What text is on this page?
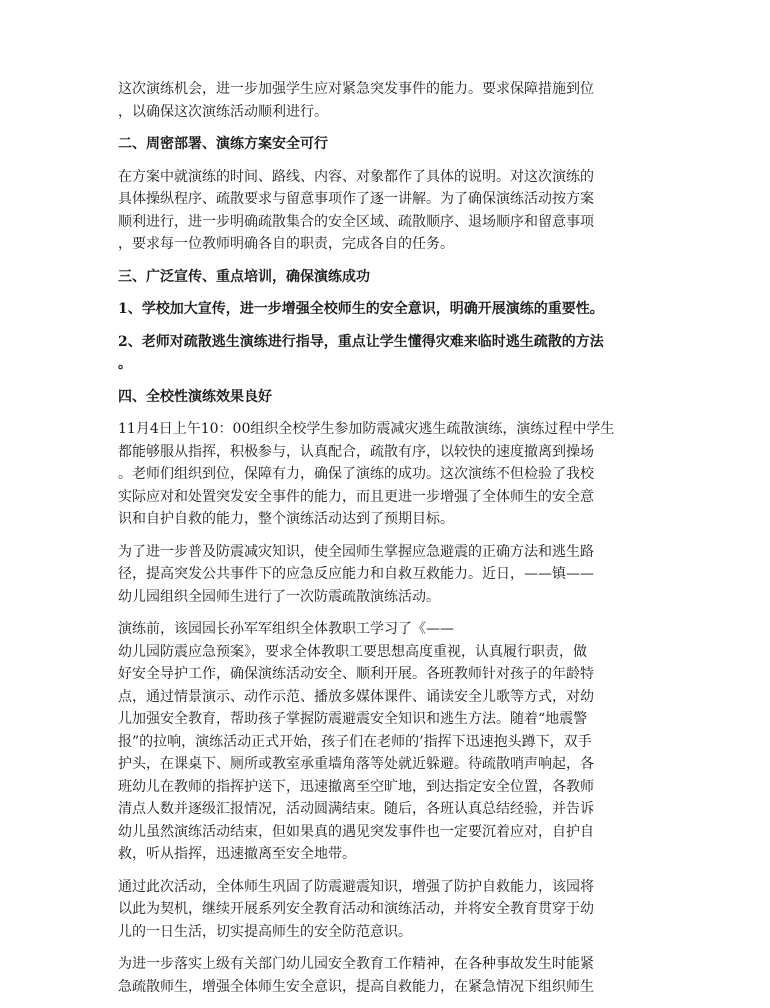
这次演练机会，进一步加强学生应对紧急突发事件的能力。要求保障措施到位
，以确保这次演练活动顺利进行。
二、周密部署、演练方案安全可行
在方案中就演练的时间、路线、内容、对象都作了具体的说明。对这次演练的
具体操纵程序、疏散要求与留意事项作了逐一讲解。为了确保演练活动按方案
顺利进行，进一步明确疏散集合的安全区域、疏散顺序、退场顺序和留意事项
，要求每一位教师明确各自的职责，完成各自的任务。
三、广泛宣传、重点培训，确保演练成功
1、学校加大宣传，进一步增强全校师生的安全意识，明确开展演练的重要性。
2、老师对疏散逃生演练进行指导，重点让学生懂得灾难来临时逃生疏散的方法
。
四、全校性演练效果良好
11月4日上午10：00组织全校学生参加防震减灾逃生疏散演练，演练过程中学生
都能够服从指挥，积极参与，认真配合，疏散有序，以较快的速度撤离到操场
。老师们组织到位，保障有力，确保了演练的成功。这次演练不但检验了我校
实际应对和处置突发安全事件的能力，而且更进一步增强了全体师生的安全意
识和自护自救的能力，整个演练活动达到了预期目标。
为了进一步普及防震减灾知识，使全园师生掌握应急避震的正确方法和逃生路
径，提高突发公共事件下的应急反应能力和自救互救能力。近日，——镇——
幼儿园组织全园师生进行了一次防震疏散演练活动。
演练前，该园园长孙军军组织全体教职工学习了《——
幼儿园防震应急预案》，要求全体教职工要思想高度重视，认真履行职责，做
好安全导护工作，确保演练活动安全、顺利开展。各班教师针对孩子的年龄特
点，通过情景演示、动作示范、播放多媒体课件、诵读安全儿歌等方式，对幼
儿加强安全教育，帮助孩子掌握防震避震安全知识和逃生方法。随着“地震警
报”的拉响，演练活动正式开始，孩子们在老师的’指挥下迅速抱头蹲下，双手
护头，在课桌下、厕所或教室承重墙角落等处就近躲避。待疏散哨声响起，各
班幼儿在教师的指挥护送下，迅速撤离至空旷地，到达指定安全位置，各教师
清点人数并逐级汇报情况，活动圆满结束。随后，各班认真总结经验，并告诉
幼儿虽然演练活动结束，但如果真的遇见突发事件也一定要沉着应对，自护自
救，听从指挥，迅速撤离至安全地带。
通过此次活动，全体师生巩固了防震避震知识，增强了防护自救能力，该园将
以此为契机，继续开展系列安全教育活动和演练活动，并将安全教育贯穿于幼
儿的一日生活，切实提高师生的安全防范意识。
为进一步落实上级有关部门幼儿园安全教育工作精神，在各种事故发生时能紧
急疏散师生，增强全体师生安全意识，提高自救能力，在紧急情况下组织师生
